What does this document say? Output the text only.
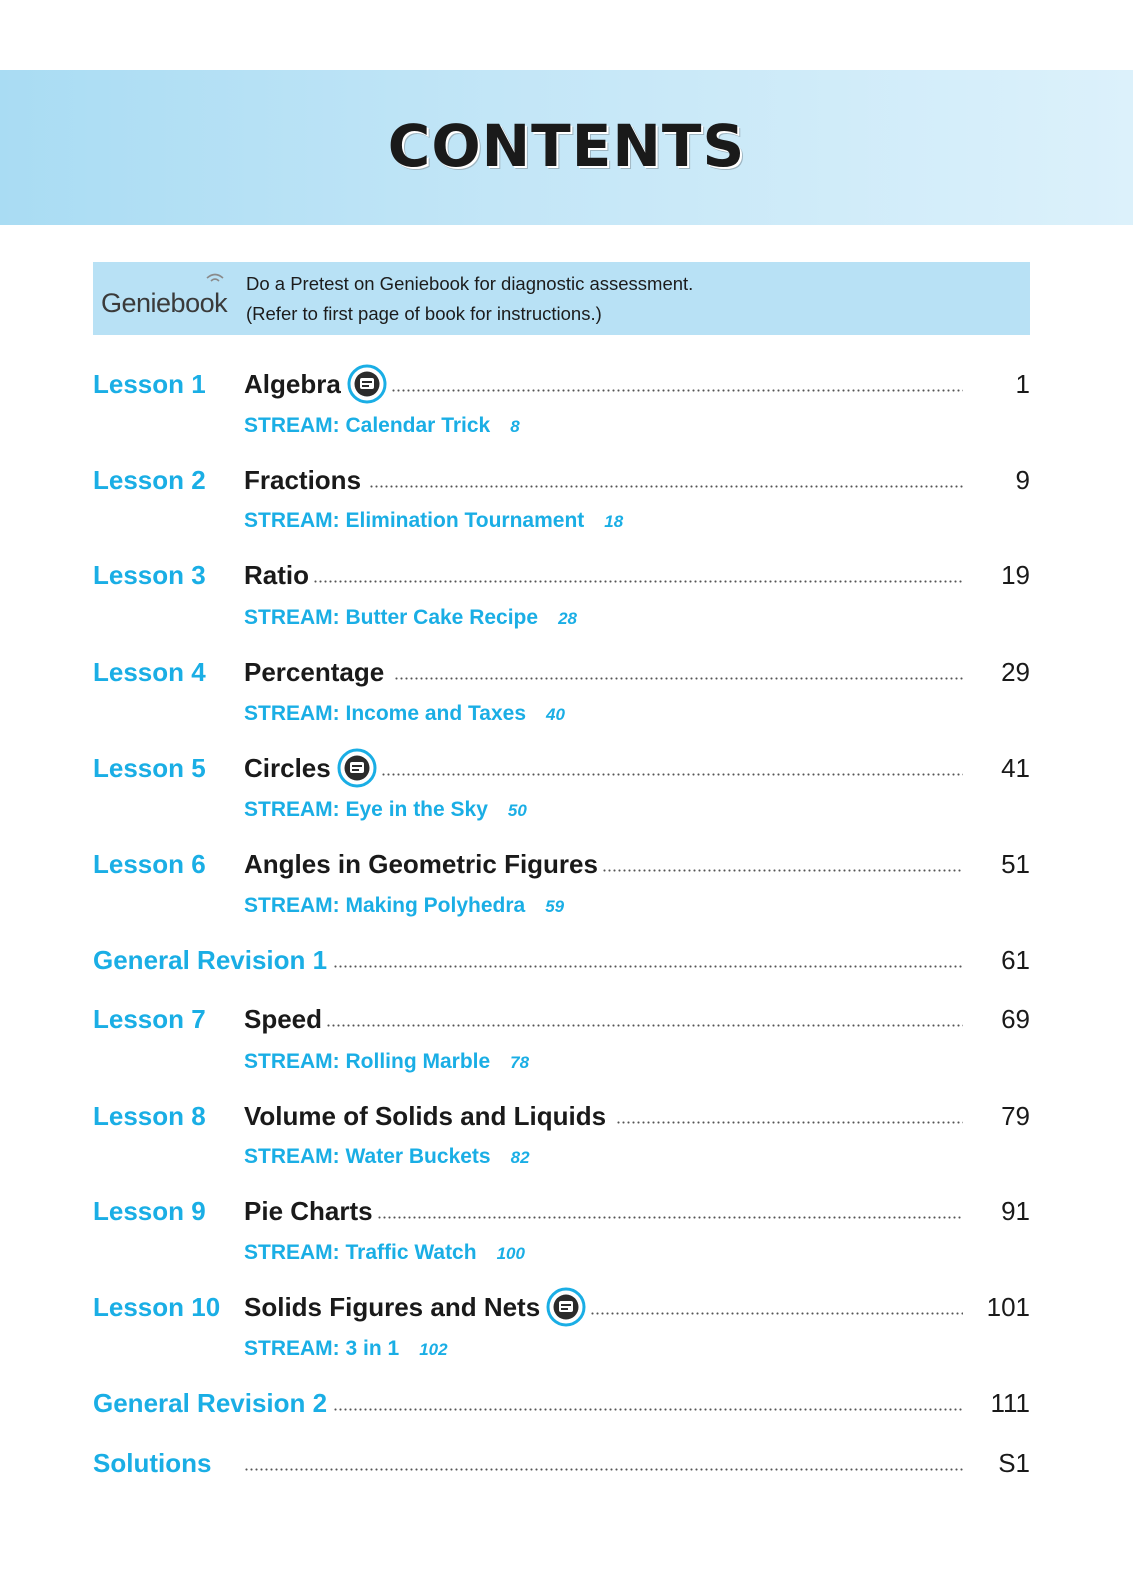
CONTENTS
Geniebook
Do a Pretest on Geniebook for diagnostic assessment.
(Refer to first page of book for instructions.)
Lesson 1 Algebra	1
STREAM: Calendar Trick 8
Lesson 2 Fractions	9
STREAM: Elimination Tournament 18
Lesson 3 Ratio	19
STREAM: Butter Cake Recipe 28
Lesson 4 Percentage	29
STREAM: Income and Taxes 40
Lesson 5 Circles	41
STREAM: Eye in the Sky 50
Lesson 6 Angles in Geometric Figures	51
STREAM: Making Polyhedra 59
General Revision 1	61
Lesson 7 Speed	69
STREAM: Rolling Marble 78
Lesson 8 Volume of Solids and Liquids	79
STREAM: Water Buckets 82
Lesson 9 Pie Charts	91
STREAM: Traffic Watch 100
Lesson 10 Solids Figures and Nets	101
STREAM: 3 in 1 102
General Revision 2	111
Solutions	S1
